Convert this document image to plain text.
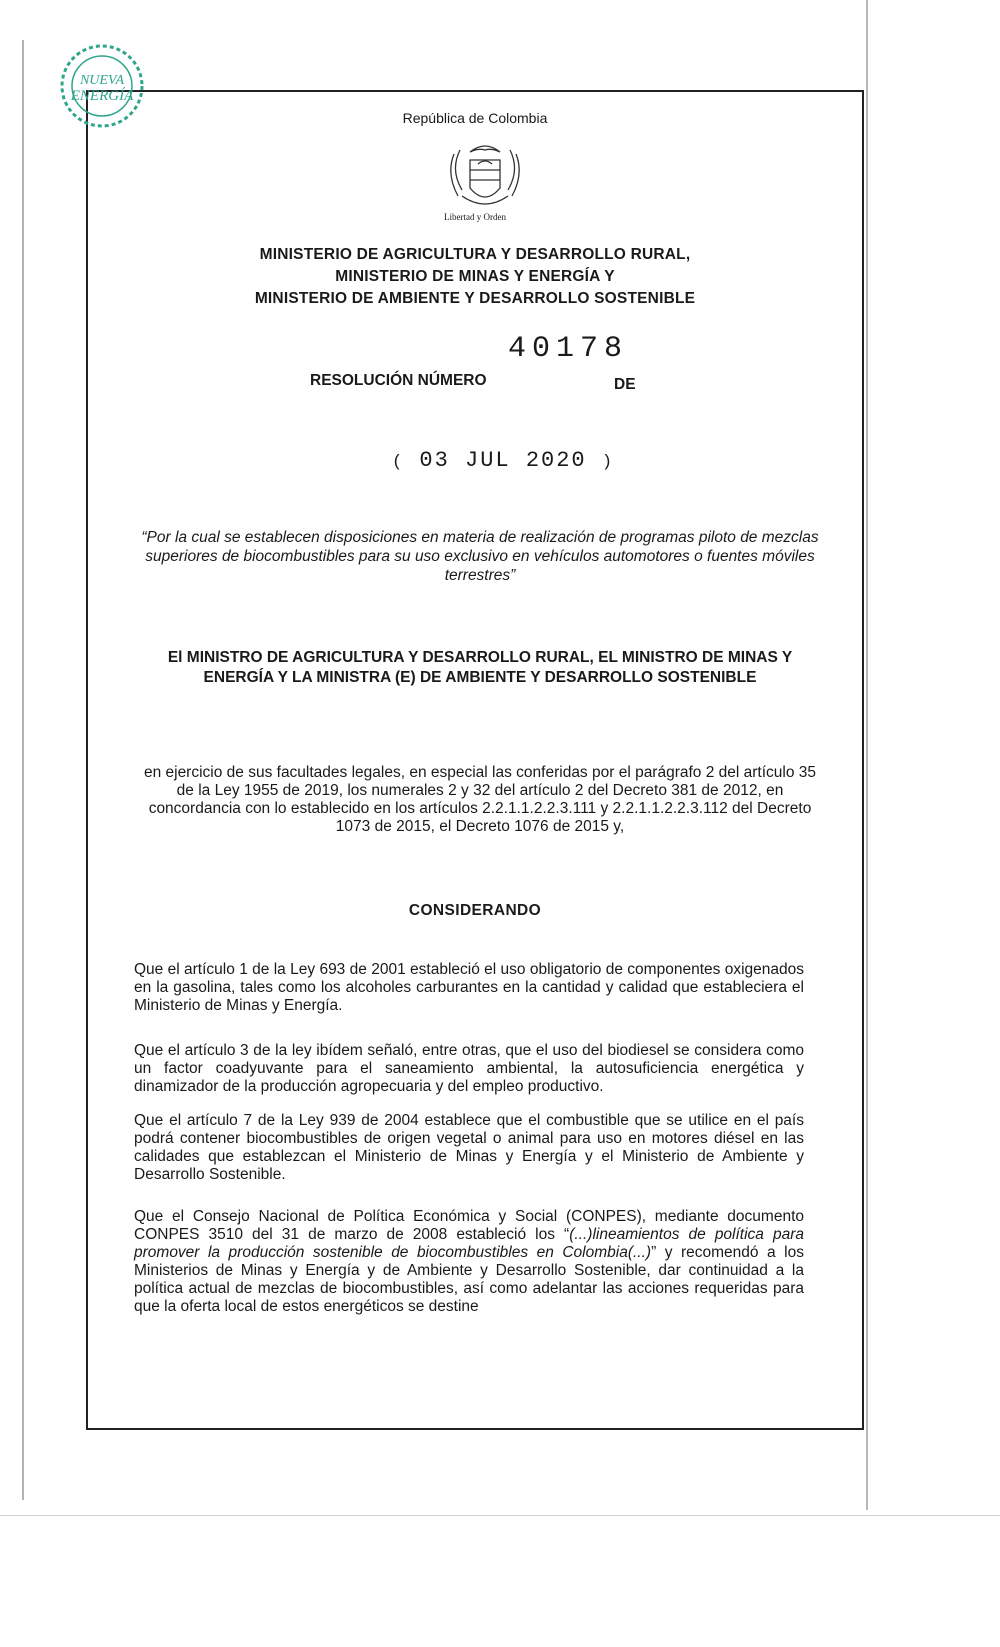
NUEVA
ENERGÍA
República de Colombia
Libertad y Orden
MINISTERIO DE AGRICULTURA Y DESARROLLO RURAL,
MINISTERIO DE MINAS Y ENERGÍA Y
MINISTERIO DE AMBIENTE Y DESARROLLO SOSTENIBLE
40178
RESOLUCIÓN NÚMERO	DE
( 03 JUL 2020 )
“Por la cual se establecen disposiciones en materia de realización de programas piloto de mezclas superiores de biocombustibles para su uso exclusivo en vehículos automotores o fuentes móviles terrestres”
El MINISTRO DE AGRICULTURA Y DESARROLLO RURAL, EL MINISTRO DE MINAS Y ENERGÍA Y LA MINISTRA (E) DE AMBIENTE Y DESARROLLO SOSTENIBLE
en ejercicio de sus facultades legales, en especial las conferidas por el parágrafo 2 del artículo 35 de la Ley 1955 de 2019, los numerales 2 y 32 del artículo 2 del Decreto 381 de 2012, en concordancia con lo establecido en los artículos 2.2.1.1.2.2.3.111 y 2.2.1.1.2.2.3.112 del Decreto 1073 de 2015, el Decreto 1076 de 2015 y,
CONSIDERANDO
Que el artículo 1 de la Ley 693 de 2001 estableció el uso obligatorio de componentes oxigenados en la gasolina, tales como los alcoholes carburantes en la cantidad y calidad que estableciera el Ministerio de Minas y Energía.
Que el artículo 3 de la ley ibídem señaló, entre otras, que el uso del biodiesel se considera como un factor coadyuvante para el saneamiento ambiental, la autosuficiencia energética y dinamizador de la producción agropecuaria y del empleo productivo.
Que el artículo 7 de la Ley 939 de 2004 establece que el combustible que se utilice en el país podrá contener biocombustibles de origen vegetal o animal para uso en motores diésel en las calidades que establezcan el Ministerio de Minas y Energía y el Ministerio de Ambiente y Desarrollo Sostenible.
Que el Consejo Nacional de Política Económica y Social (CONPES), mediante documento CONPES 3510 del 31 de marzo de 2008 estableció los “(...)lineamientos de política para promover la producción sostenible de biocombustibles en Colombia(...)” y recomendó a los Ministerios de Minas y Energía y de Ambiente y Desarrollo Sostenible, dar continuidad a la política actual de mezclas de biocombustibles, así como adelantar las acciones requeridas para que la oferta local de estos energéticos se destine
